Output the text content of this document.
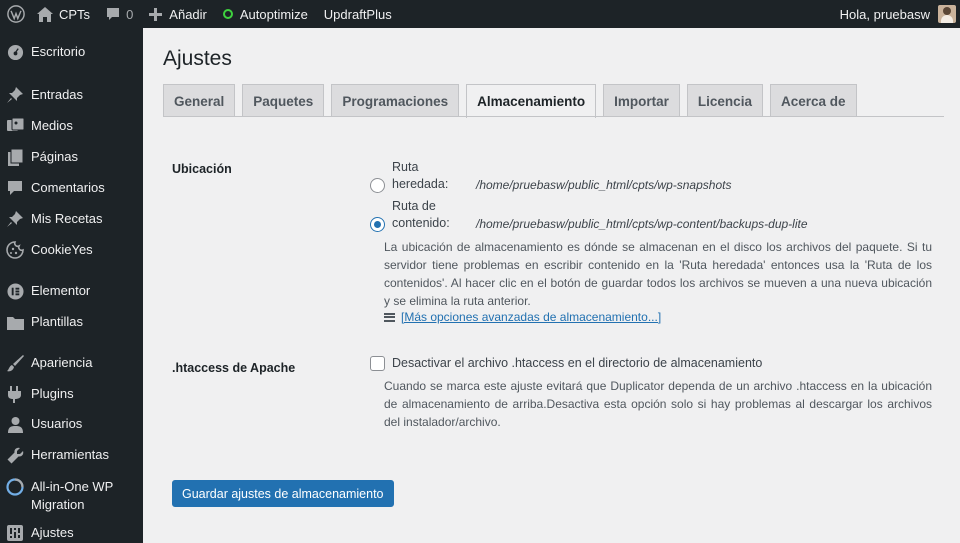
CPTs	0	Añadir	Autoptimize UpdraftPlus	Hola, pruebasw
Escritorio
Entradas
Medios
Páginas
Comentarios
Mis Recetas
CookieYes
Elementor
Plantillas
Apariencia
Plugins
Usuarios
Herramientas
All-in-One WP Migration
Ajustes
Ajustes
General	Paquetes	Programaciones	Almacenamiento	Importar	Licencia	Acerca de
Ubicación	Ruta heredada:	/home/pruebasw/public_html/cpts/wp-snapshots
Ruta de contenido:	/home/pruebasw/public_html/cpts/wp-content/backups-dup-lite
La ubicación de almacenamiento es dónde se almacenan en el disco los archivos del paquete. Si tu servidor tiene problemas en escribir contenido en la 'Ruta heredada' entonces usa la 'Ruta de los contenidos'. Al hacer clic en el botón de guardar todos los archivos se mueven a una nueva ubicación y se elimina la ruta anterior.
[Más opciones avanzadas de almacenamiento...]
.htaccess de Apache	Desactivar el archivo .htaccess en el directorio de almacenamiento
Cuando se marca este ajuste evitará que Duplicator dependa de un archivo .htaccess en la ubicación de almacenamiento de arriba.Desactiva esta opción solo si hay problemas al descargar los archivos del instalador/archivo.
Guardar ajustes de almacenamiento
